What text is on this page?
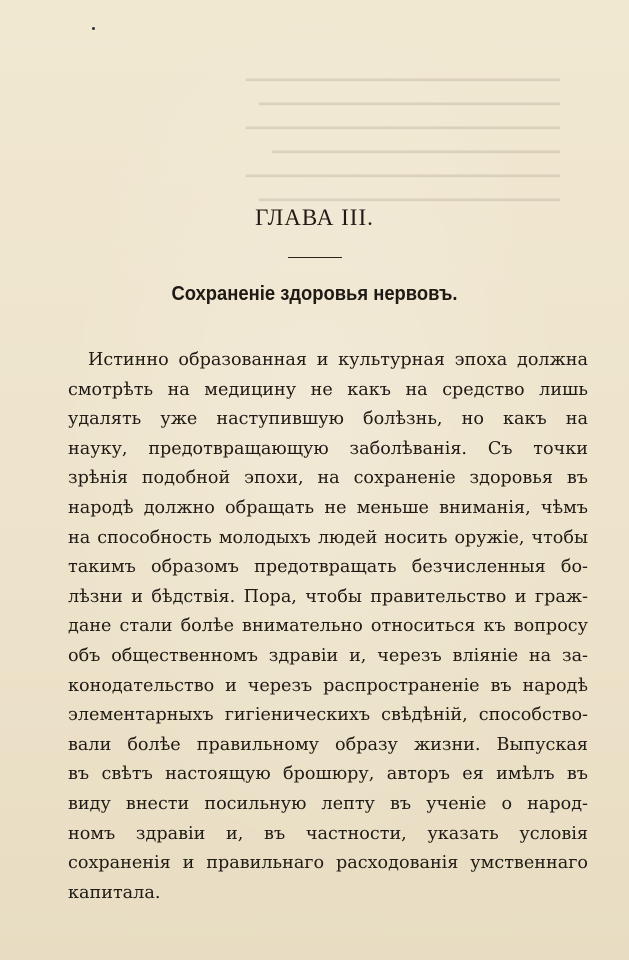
▁▁▁▁▁▁▁▁▁▁▁▁▁▁▁▁▁▁▁▁▁▁▁▁
▁▁▁▁▁▁▁▁▁▁▁▁▁▁▁▁▁▁▁▁▁▁▁
▁▁▁▁▁▁▁▁▁▁▁▁▁▁▁▁▁▁▁▁▁▁▁▁
▁▁▁▁▁▁▁▁▁▁▁▁▁▁▁▁▁▁▁▁▁▁
▁▁▁▁▁▁▁▁▁▁▁▁▁▁▁▁▁▁▁▁▁▁▁▁
▁▁▁▁▁▁▁▁▁▁▁▁▁▁▁▁▁▁▁▁▁▁▁
ГЛАВА III.
Сохраненіе здоровья нервовъ.
Истинно образованная и культурная эпоха должна
смотрѣть на медицину не какъ на средство лишь
удалять уже наступившую болѣзнь, но какъ на
науку, предотвращающую заболѣванія. Съ точки
зрѣнія подобной эпохи, на сохраненіе здоровья въ
народѣ должно обращать не меньше вниманія, чѣмъ
на способность молодыхъ людей носить оружіе, чтобы
такимъ образомъ предотвращать безчисленныя бо-
лѣзни и бѣдствія. Пора, чтобы правительство и граж-
дане стали болѣе внимательно относиться къ вопросу
объ общественномъ здравіи и, черезъ вліяніе на за-
конодательство и черезъ распространеніе въ народѣ
элементарныхъ гигіеническихъ свѣдѣній, способство-
вали болѣе правильному образу жизни. Выпуская
въ свѣтъ настоящую брошюру, авторъ ея имѣлъ въ
виду внести посильную лепту въ ученіе о народ-
номъ здравіи и, въ частности, указать условія
сохраненія и правильнаго расходованія умственнаго
капитала.
